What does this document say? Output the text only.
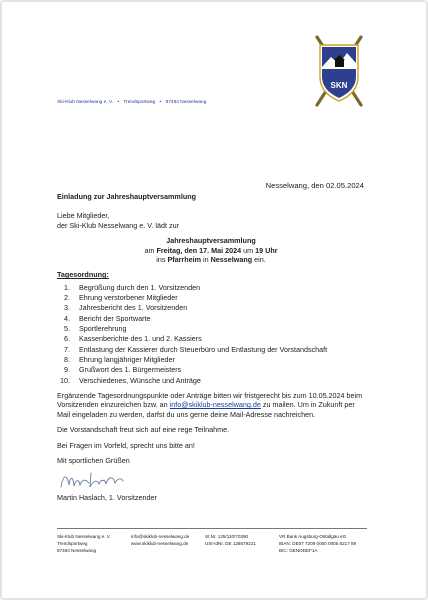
SKN
Ski-Klub Nesselwang e. V. • Trendsportweg • 87484 Nesselwang
Nesselwang, den 02.05.2024
Einladung zur Jahreshauptversammlung

Liebe Mitglieder,

der Ski-Klub Nesselwang e. V. lädt zur

Jahreshauptversammlung
am Freitag, den 17. Mai 2024 um 19 Uhr
ins Pfarrheim in Nesselwang ein.
Tagesordnung:
1. Begrüßung durch den 1. Vorsitzenden
2. Ehrung verstorbener Mitglieder
3. Jahresbericht des 1. Vorsitzenden
4. Bericht der Sportwarte
5. Sportlerehrung
6. Kassenberichte des 1. und 2. Kassiers
7. Entlastung der Kassierer durch Steuerbüro und Entlastung der Vorstandschaft
8. Ehrung langjähriger Mitglieder
9. Grußwort des 1. Bürgermeisters
10. Verschiedenes, Wünsche und Anträge
Ergänzende Tagesordnungspunkte oder Anträge bitten wir fristgerecht bis zum 10.05.2024 beim Vorsitzenden einzureichen bzw. an info@skiklub-nesselwang.de zu mailen. Um in Zukunft per Mail eingeladen zu werden, darfst du uns gerne deine Mail-Adresse nachreichen.
Die Vorstandschaft freut sich auf eine rege Teilnahme.
Bei Fragen im Vorfeld, sprecht uns bitte an!
Mit sportlichen Grüßen
Martin Haslach, 1. Vorsitzender
Ski-Klub Nesselwang e. V.
Trendsportweg
87484 Nesselwang
info@skiklub-nesselwang.de
www.skiklub-nesselwang.de
St.Nr. 125/110/70390
USt-IdNr. DE 128679221
VR Bank Augsburg-Ostallgäu eG
IBAN: DE07 7209 0000 0005 8217 89
BIC: GENODEF1A
